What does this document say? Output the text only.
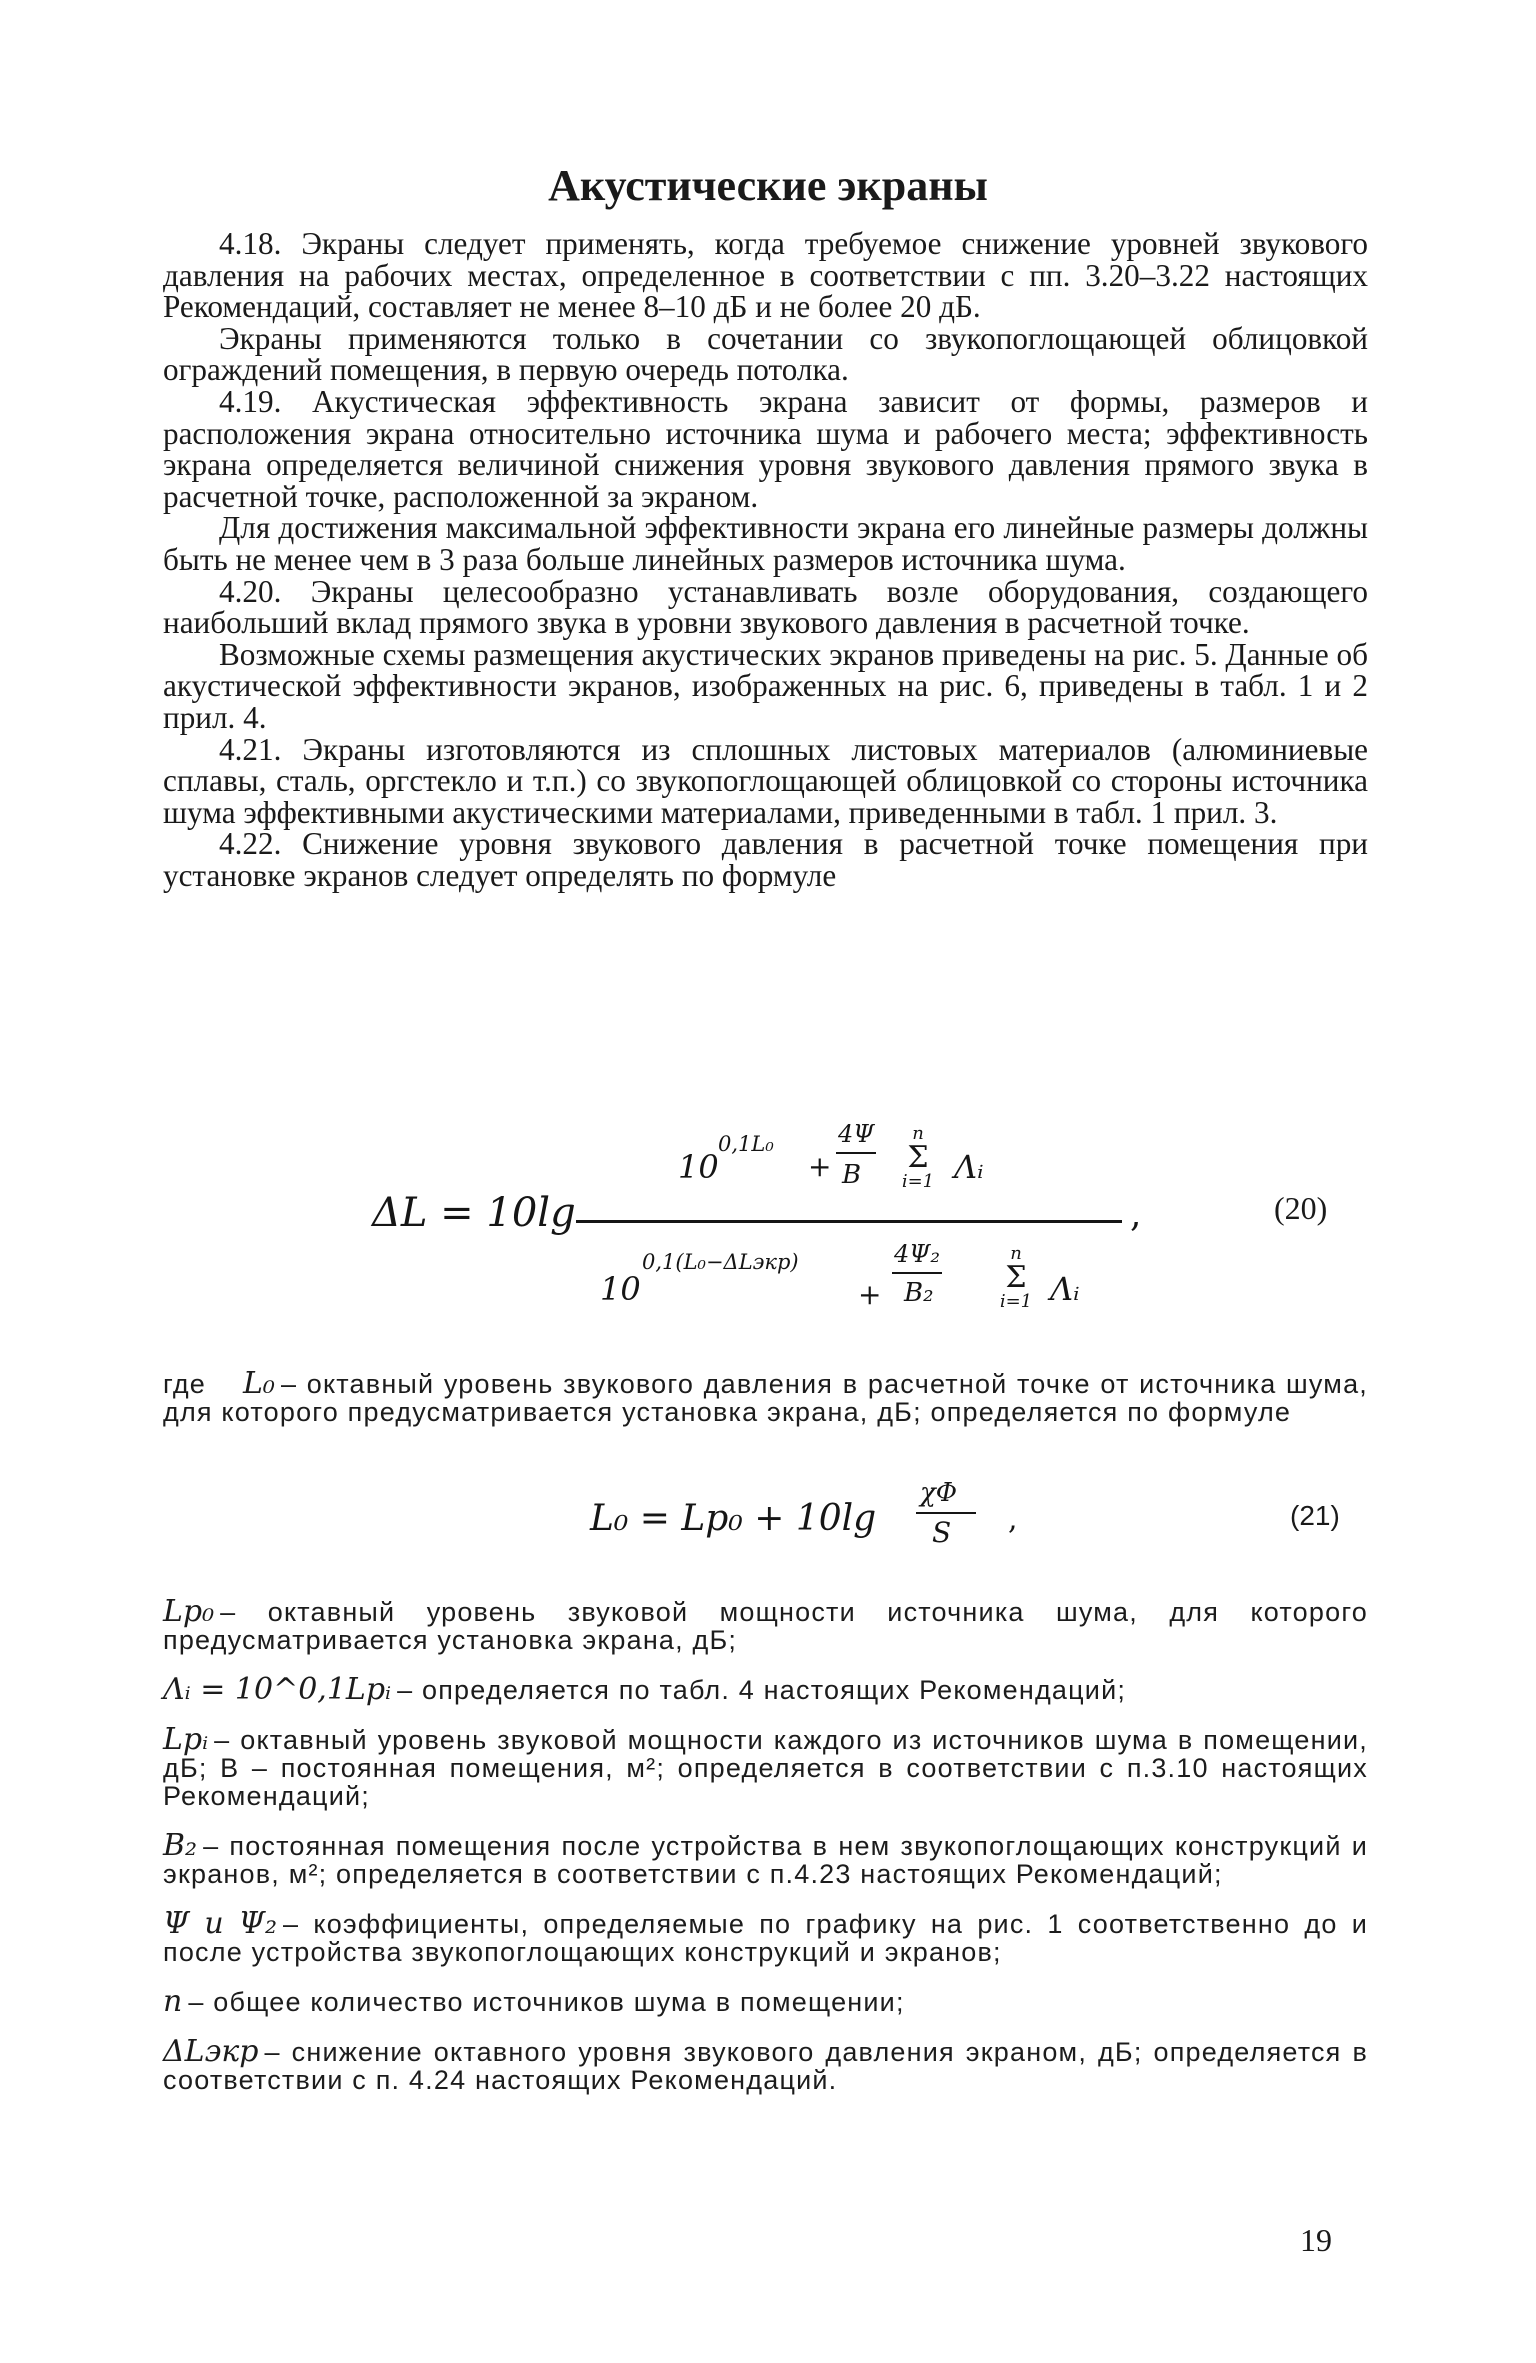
Акустические экраны

4.18. Экраны следует применять, когда требуемое снижение уровней звукового давления на рабочих местах, определенное в соответствии с пп. 3.20–3.22 настоящих Рекомендаций, составляет не менее 8–10 дБ и не более 20 дБ.

Экраны применяются только в сочетании со звукопоглощающей облицовкой ограждений помещения, в первую очередь потолка.

4.19. Акустическая эффективность экрана зависит от формы, размеров и расположения экрана относительно источника шума и рабочего места; эффективность экрана определяется величиной снижения уровня звукового давления прямого звука в расчетной точке, расположенной за экраном.

Для достижения максимальной эффективности экрана его линейные размеры должны быть не менее чем в 3 раза больше линейных размеров источника шума.

4.20. Экраны целесообразно устанавливать возле оборудования, создающего наибольший вклад прямого звука в уровни звукового давления в расчетной точке.

Возможные схемы размещения акустических экранов приведены на рис. 5. Данные об акустической эффективности экранов, изображенных на рис. 6, приведены в табл. 1 и 2 прил. 4.

4.21. Экраны изготовляются из сплошных листовых материалов (алюминиевые сплавы, сталь, оргстекло и т.п.) со звукопоглощающей облицовкой со стороны источника шума эффективными акустическими материалами, приведенными в табл. 1 прил. 3.

4.22. Снижение уровня звукового давления в расчетной точке помещения при установке экранов следует определять по формуле

ΔL = 10lg
10
0,1L₀
+
4Ψ
B
n
Σ
i=1 Λᵢ
,
10
0,1(L₀−ΔLэкр)
+
4Ψ₂
B₂
n
Σ
i=1 Λᵢ
(20)

где L₀ – октавный уровень звукового давления в расчетной точке от источника шума, для которого предусматривается установка экрана, дБ; определяется по формуле

Lp₀ – октавный уровень звуковой мощности источника шума, для которого предусматривается установка экрана, дБ;

Λᵢ = 10^0,1Lpᵢ – определяется по табл. 4 настоящих Рекомендаций;

Lpᵢ – октавный уровень звуковой мощности каждого из источников шума в помещении, дБ; B – постоянная помещения, м²; определяется в соответствии с п.3.10 настоящих Рекомендаций;

B₂ – постоянная помещения после устройства в нем звукопоглощающих конструкций и экранов, м²; определяется в соответствии с п.4.23 настоящих Рекомендаций;

Ψ и Ψ₂ – коэффициенты, определяемые по графику на рис. 1 соответственно до и после устройства звукопоглощающих конструкций и экранов;

n – общее количество источников шума в помещении;

ΔLэкр – снижение октавного уровня звукового давления экраном, дБ; определяется в соответствии с п. 4.24 настоящих Рекомендаций.

L₀ = Lp₀ + 10lg
χΦ
S ,	(21)
19
